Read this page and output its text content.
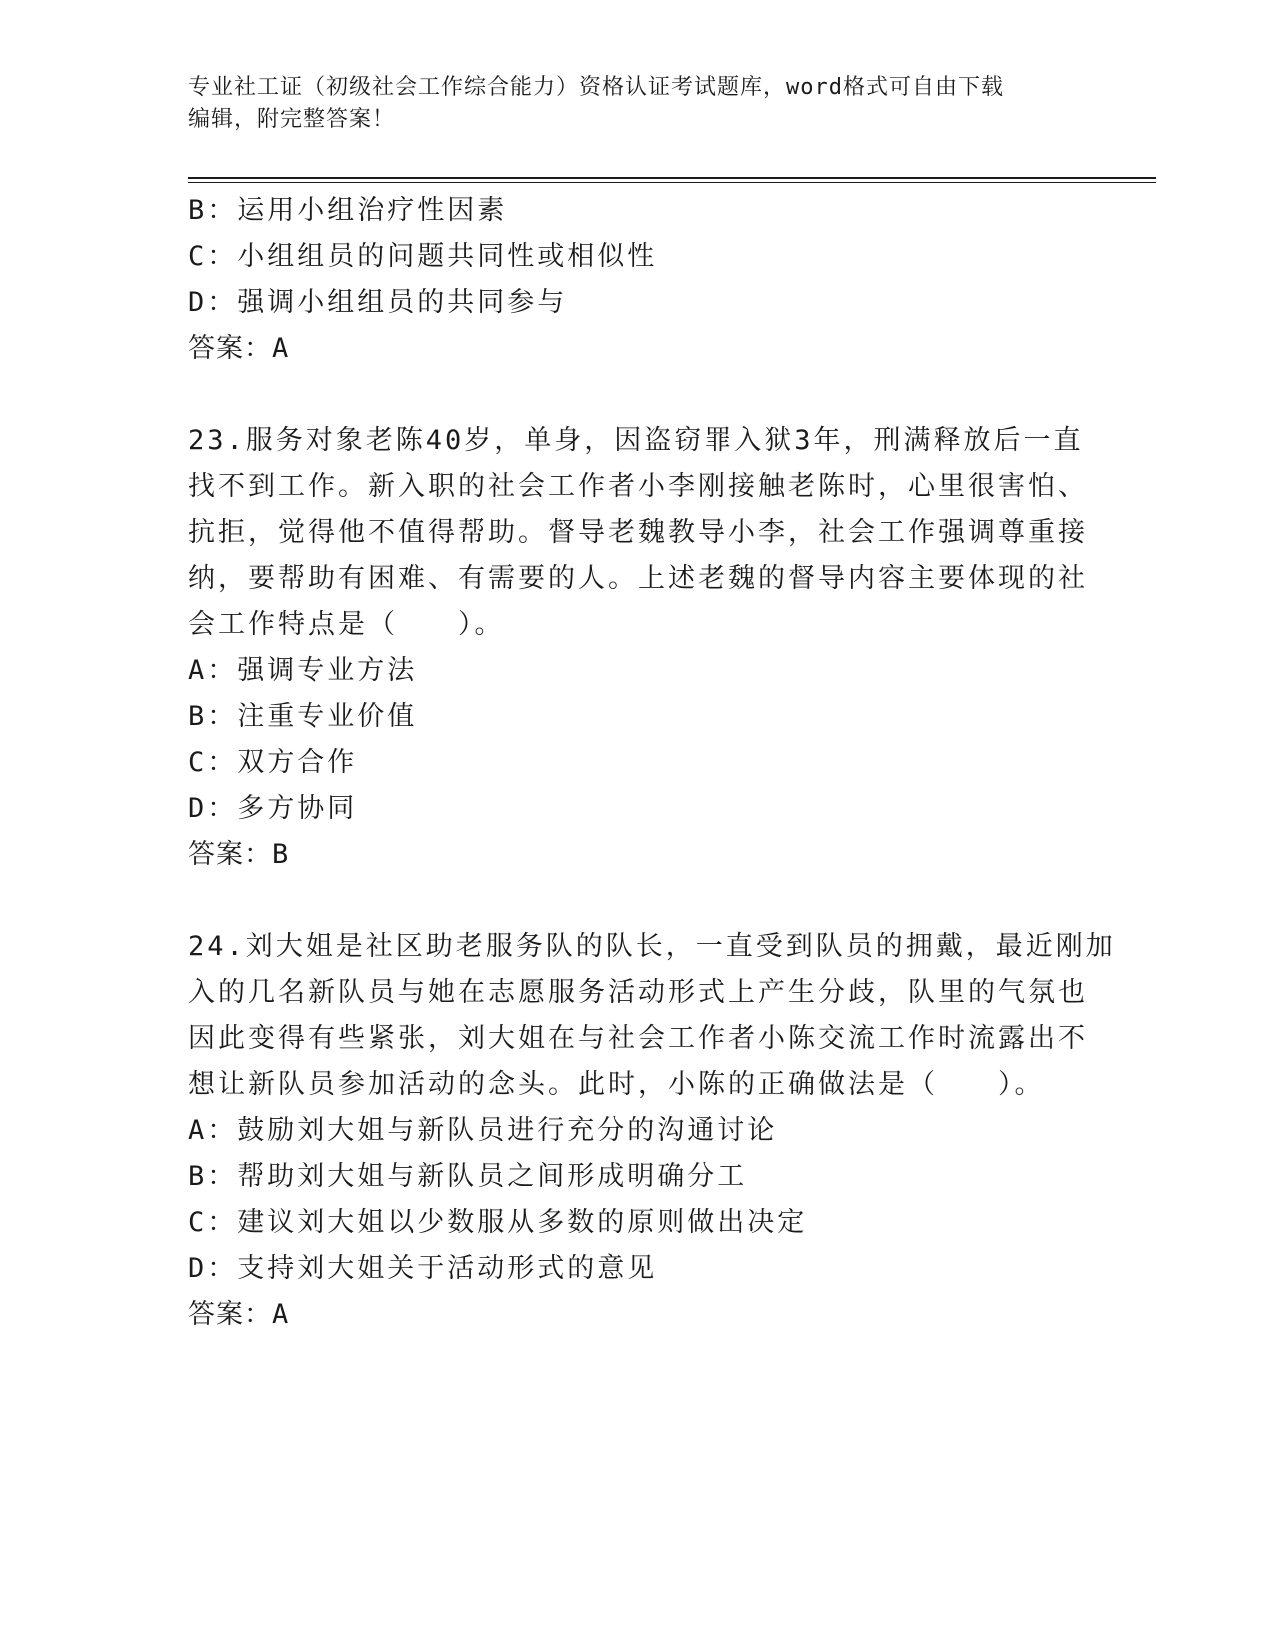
专业社工证（初级社会工作综合能力）资格认证考试题库，word格式可自由下载
编辑，附完整答案！
B：运用小组治疗性因素
C：小组组员的问题共同性或相似性
D：强调小组组员的共同参与
答案：A
23.服务对象老陈40岁，单身，因盗窃罪入狱3年，刑满释放后一直
找不到工作。新入职的社会工作者小李刚接触老陈时，心里很害怕、
抗拒，觉得他不值得帮助。督导老魏教导小李，社会工作强调尊重接
纳，要帮助有困难、有需要的人。上述老魏的督导内容主要体现的社
会工作特点是（　　）。
A：强调专业方法
B：注重专业价值
C：双方合作
D：多方协同
答案：B
24.刘大姐是社区助老服务队的队长，一直受到队员的拥戴，最近刚加
入的几名新队员与她在志愿服务活动形式上产生分歧，队里的气氛也
因此变得有些紧张，刘大姐在与社会工作者小陈交流工作时流露出不
想让新队员参加活动的念头。此时，小陈的正确做法是（　　）。
A：鼓励刘大姐与新队员进行充分的沟通讨论
B：帮助刘大姐与新队员之间形成明确分工
C：建议刘大姐以少数服从多数的原则做出决定
D：支持刘大姐关于活动形式的意见
答案：A
